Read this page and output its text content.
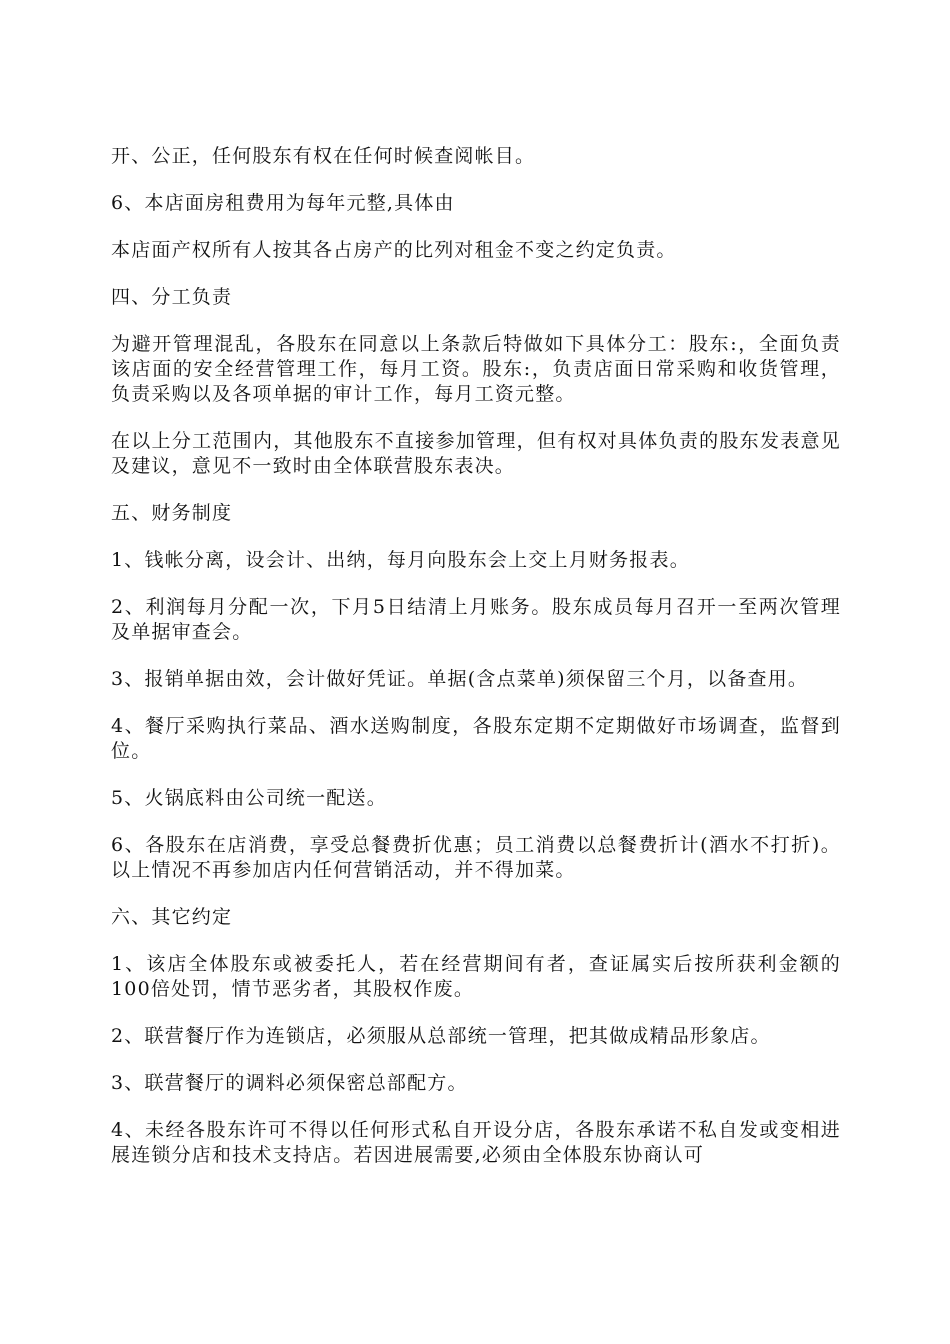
开、公正，任何股东有权在任何时候查阅帐目。

6、本店面房租费用为每年元整,具体由

本店面产权所有人按其各占房产的比列对租金不变之约定负责。

四、分工负责

为避开管理混乱，各股东在同意以上条款后特做如下具体分工：股东:，全面负责该店面的安全经营管理工作，每月工资。股东:，负责店面日常采购和收货管理，负责采购以及各项单据的审计工作，每月工资元整。

在以上分工范围内，其他股东不直接参加管理，但有权对具体负责的股东发表意见及建议，意见不一致时由全体联营股东表决。

五、财务制度

1、钱帐分离，设会计、出纳，每月向股东会上交上月财务报表。

2、利润每月分配一次，下月5日结清上月账务。股东成员每月召开一至两次管理及单据审查会。

3、报销单据由效，会计做好凭证。单据(含点菜单)须保留三个月，以备查用。

4、餐厅采购执行菜品、酒水送购制度，各股东定期不定期做好市场调查，监督到位。

5、火锅底料由公司统一配送。

6、各股东在店消费，享受总餐费折优惠；员工消费以总餐费折计(酒水不打折)。以上情况不再参加店内任何营销活动，并不得加菜。

六、其它约定

1、该店全体股东或被委托人，若在经营期间有者，查证属实后按所获利金额的100倍处罚，情节恶劣者，其股权作废。

2、联营餐厅作为连锁店，必须服从总部统一管理，把其做成精品形象店。

3、联营餐厅的调料必须保密总部配方。

4、未经各股东许可不得以任何形式私自开设分店，各股东承诺不私自发或变相进展连锁分店和技术支持店。若因进展需要,必须由全体股东协商认可
